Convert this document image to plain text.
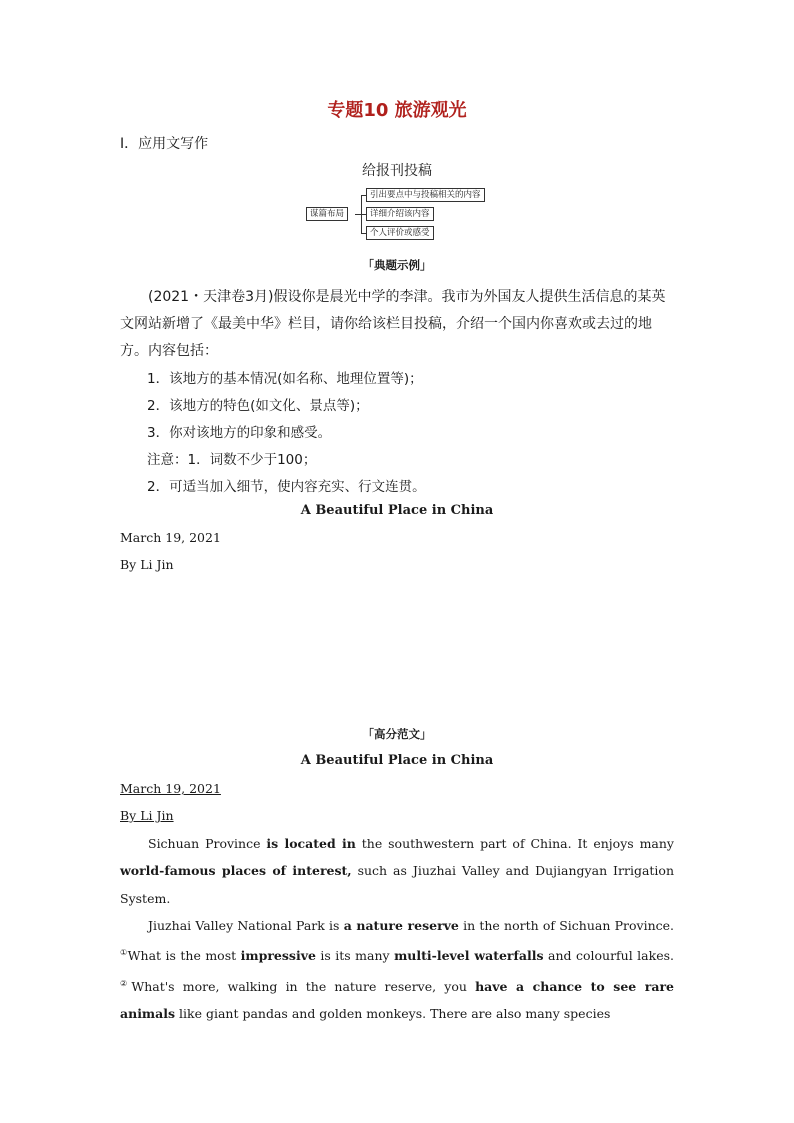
专题10 旅游观光
Ⅰ．应用文写作
给报刊投稿
谋篇布局
引出要点中与投稿相关的内容
详细介绍该内容
个人评价或感受
「典题示例」
(2021・天津卷3月)假设你是晨光中学的李津。我市为外国友人提供生活信息的某英文网站新增了《最美中华》栏目，请你给该栏目投稿，介绍一个国内你喜欢或去过的地方。内容包括：
1．该地方的基本情况(如名称、地理位置等)；
2．该地方的特色(如文化、景点等)；
3．你对该地方的印象和感受。
注意：1．词数不少于100；
2．可适当加入细节，使内容充实、行文连贯。
A Beautiful Place in China
March 19, 2021
By Li Jin
「高分范文」
A Beautiful Place in China
March 19, 2021
By Li Jin
Sichuan Province is located in the southwestern part of China. It enjoys many world-famous places of interest, such as Jiuzhai Valley and Dujiangyan Irrigation System.
Jiuzhai Valley National Park is a nature reserve in the north of Sichuan Province. ①What is the most impressive is its many multi-level waterfalls and colourful lakes. ②What's more, walking in the nature reserve, you have a chance to see rare animals like giant pandas and golden monkeys. There are also many species
